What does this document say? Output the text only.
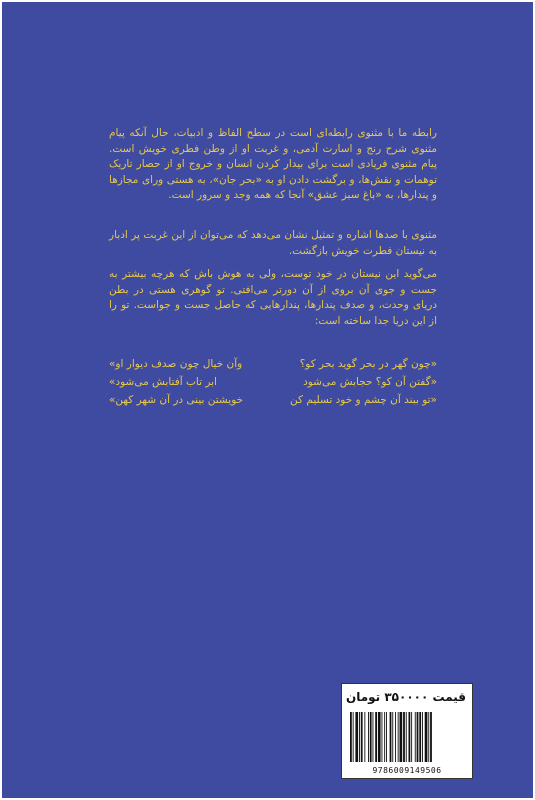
رابطه ما با مثنوی رابطه‌ای است در سطح الفاظ و ادبیات، حال آنکه پیام مثنوی شرح رنج و اسارت آدمی، و غربت او از وطن فطری خویش است. پیام مثنوی فریادی است برای بیدار کردن انسان و خروج او از حصار تاریک توهمات و نقش‌ها، و برگشت دادن او به «بحر جان»، به هستی ورای مجازها و پندارها، به «باغ سبز عشق» آنجا که همه وجد و سرور است.

مثنوی با صدها اشاره و تمثیل نشان می‌دهد که می‌توان از این غربت پر ادبار به نیستان فطرت خویش بازگشت.

می‌گوید این نیستان در خود توست، ولی به هوش باش که هرچه بیشتر به جست و جوی آن بروی از آن دورتر می‌افتی. تو گوهری هستی در بطن دریای وحدت، و صدف پندارها، پندارهایی که حاصل جست و جواست. تو را از این دریا جدا ساخته است:

«چون گهر در بحر گوید بحر کو؟
وآن خیال چون صدف دیوار او»
«گفتن آن کو؟ حجابش می‌شود
ابر تاب آفتابش می‌شود»
«تو ببند آن چشم و خود تسلیم کن
خویشتن بینی در آن شهر کهن»
قیمت ۳۵۰۰۰۰ تومان
9786009149506
